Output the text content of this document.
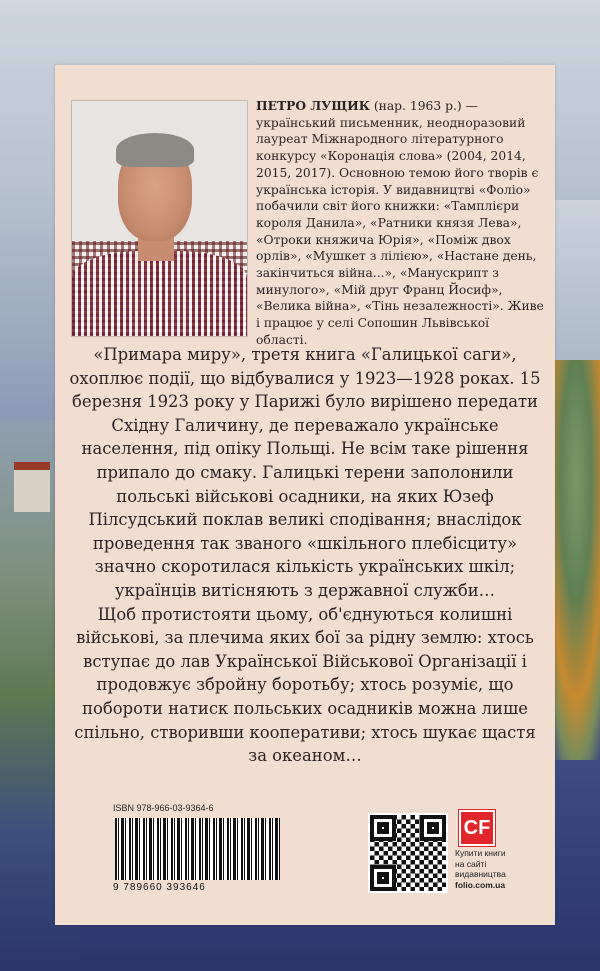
ПЕТРО ЛУЩИК (нар. 1963 р.) — український письменник, неодноразовий лауреат Міжнародного літературного конкурсу «Коронація слова» (2004, 2014, 2015, 2017). Основною темою його творів є українська історія. У видавництві «Фоліо» побачили світ його книжки: «Тамплієри короля Данила», «Ратники князя Лева», «Отроки княжича Юрія», «Поміж двох орлів», «Мушкет з лілією», «Настане день, закінчиться війна...», «Манускрипт з минулого», «Мій друг Франц Йосиф», «Велика війна», «Тінь незалежності». Живе і працює у селі Сопошин Львівської області.
«Примара миру», третя книга «Галицької саги», охоплює події, що відбувалися у 1923—1928 роках. 15 березня 1923 року у Парижі було вирішено передати Східну Галичину, де переважало українське населення, під опіку Польщі. Не всім таке рішення припало до смаку. Галицькі терени заполонили польські військові осадники, на яких Юзеф Пілсудський поклав великі сподівання; внаслідок проведення так званого «шкільного плебісциту» значно скоротилася кількість українських шкіл; українців витісняють з державної служби…
Щоб протистояти цьому, об'єднуються колишні військові, за плечима яких бої за рідну землю: хтось вступає до лав Української Військової Організації і продовжує збройну боротьбу; хтось розуміє, що побороти натиск польських осадників можна лише спільно, створивши кооперативи; хтось шукає щастя за океаном…
ISBN 978-966-03-9364-6
9 789660 393646
CF
Купити книги
на сайті
видавництва
folio.com.ua
